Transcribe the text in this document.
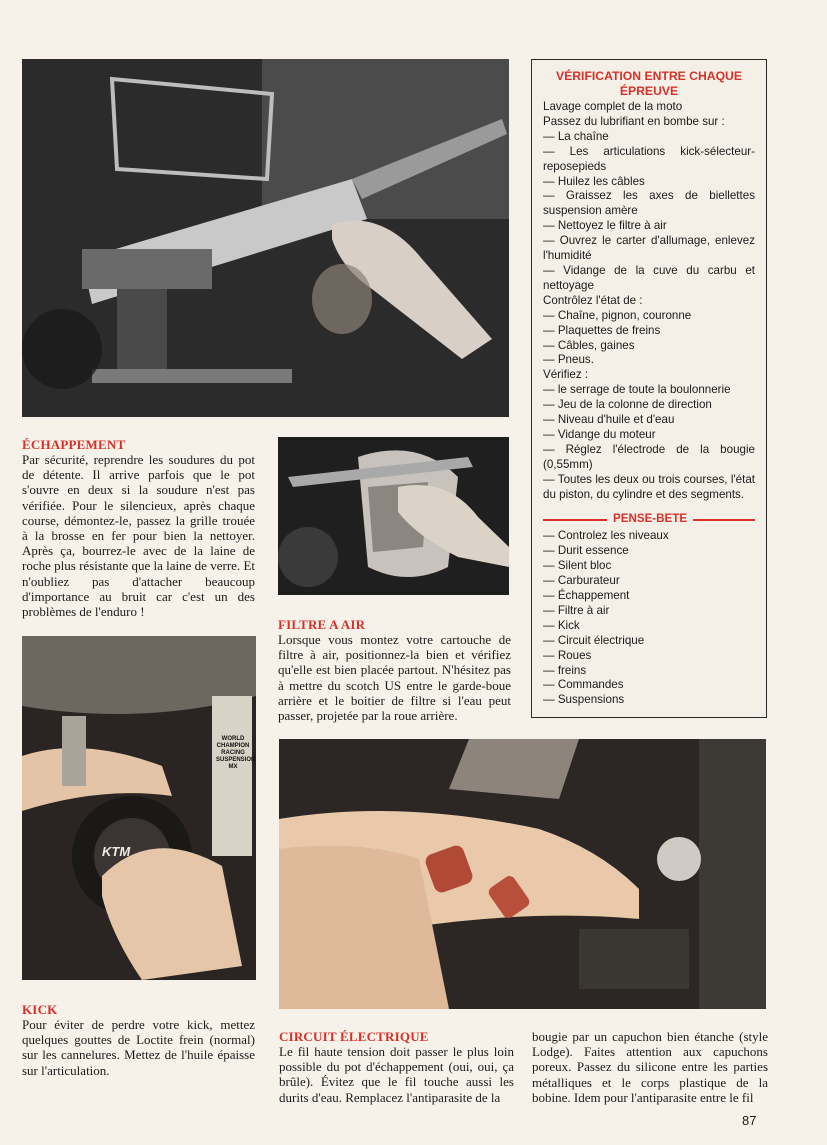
ÉCHAPPEMENT

Par sécurité, reprendre les soudures du pot de détente. Il arrive parfois que le pot s'ouvre en deux si la soudure n'est pas vérifiée. Pour le silencieux, après chaque course, démontez-le, passez la grille trouée à la brosse en fer pour bien la nettoyer. Après ça, bourrez-le avec de la laine de roche plus résistante que la laine de verre. Et n'oubliez pas d'attacher beaucoup d'importance au bruit car c'est un des problèmes de l'enduro !

FILTRE A AIR

Lorsque vous montez votre cartouche de filtre à air, positionnez-la bien et vérifiez qu'elle est bien placée partout. N'hésitez pas à mettre du scotch US entre le garde-boue arrière et le boitier de filtre si l'eau peut passer, projetée par la roue arrière.

VÉRIFICATION ENTRE CHAQUE
ÉPREUVE

Lavage complet de la moto

Passez du lubrifiant en bombe sur :

— La chaîne

— Les articulations kick-sélecteur-reposepieds

— Huilez les câbles

— Graissez les axes de biellettes suspension amère

— Nettoyez le filtre à air

— Ouvrez le carter d'allumage, enlevez l'humidité

— Vidange de la cuve du carbu et nettoyage

Contrôlez l'état de :

— Chaîne, pignon, couronne

— Plaquettes de freins

— Câbles, gaines

— Pneus.

Vérifiez :

— le serrage de toute la boulonnerie

— Jeu de la colonne de direction

— Niveau d'huile et d'eau

— Vidange du moteur

— Réglez l'électrode de la bougie (0,55mm)

— Toutes les deux ou trois courses, l'état du piston, du cylindre et des segments.

PENSE-BETE

— Controlez les niveaux

— Durit essence

— Silent bloc

— Carburateur

— Échappement

— Filtre à air

— Kick

— Circuit électrique

— Roues

— freins

— Commandes

— Suspensions

KTM
WORLD CHAMPION RACING SUSPENSION MX
KICK

Pour éviter de perdre votre kick, mettez quelques gouttes de Loctite frein (normal) sur les cannelures. Mettez de l'huile épaisse sur l'articulation.

CIRCUIT ÉLECTRIQUE

Le fil haute tension doit passer le plus loin possible du pot d'échappement (oui, oui, ça brûle). Évitez que le fil touche aussi les durits d'eau. Remplacez l'antiparasite de la

bougie par un capuchon bien étanche (style Lodge). Faites attention aux capuchons poreux. Passez du silicone entre les parties métalliques et le corps plastique de la bobine. Idem pour l'antiparasite entre le fil

87
